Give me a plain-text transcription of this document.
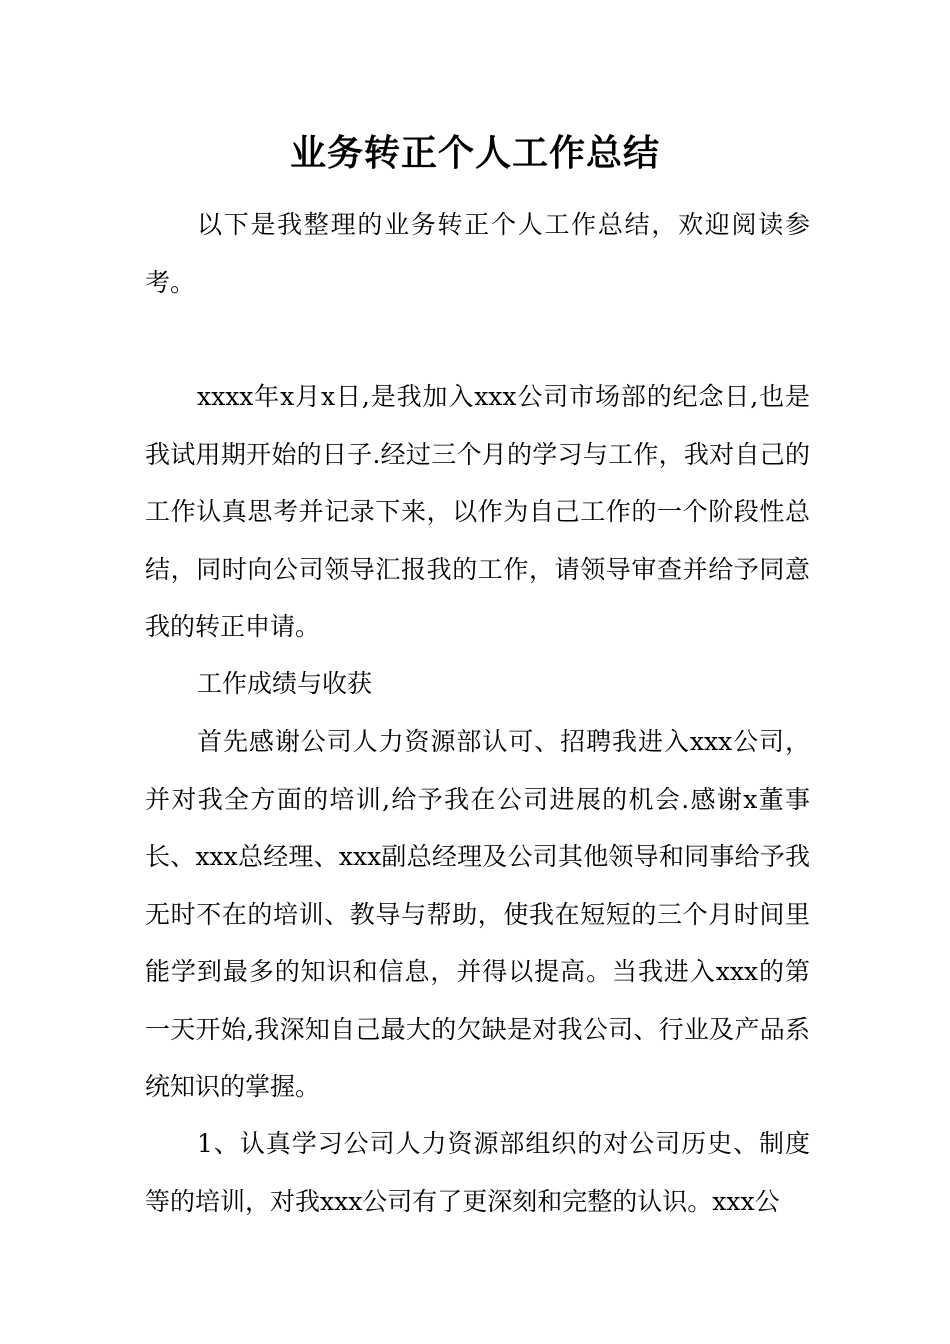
业务转正个人工作总结

以下是我整理的业务转正个人工作总结，欢迎阅读参考。

xxxx年x月x日,是我加入xxx公司市场部的纪念日,也是我试用期开始的日子.经过三个月的学习与工作，我对自己的工作认真思考并记录下来，以作为自己工作的一个阶段性总结，同时向公司领导汇报我的工作，请领导审查并给予同意我的转正申请。

工作成绩与收获

首先感谢公司人力资源部认可、招聘我进入xxx公司，并对我全方面的培训,给予我在公司进展的机会.感谢x董事长、xxx总经理、xxx副总经理及公司其他领导和同事给予我无时不在的培训、教导与帮助，使我在短短的三个月时间里能学到最多的知识和信息，并得以提高。当我进入xxx的第一天开始,我深知自己最大的欠缺是对我公司、行业及产品系统知识的掌握。

1、认真学习公司人力资源部组织的对公司历史、制度等的培训，对我xxx公司有了更深刻和完整的认识。xxx公
